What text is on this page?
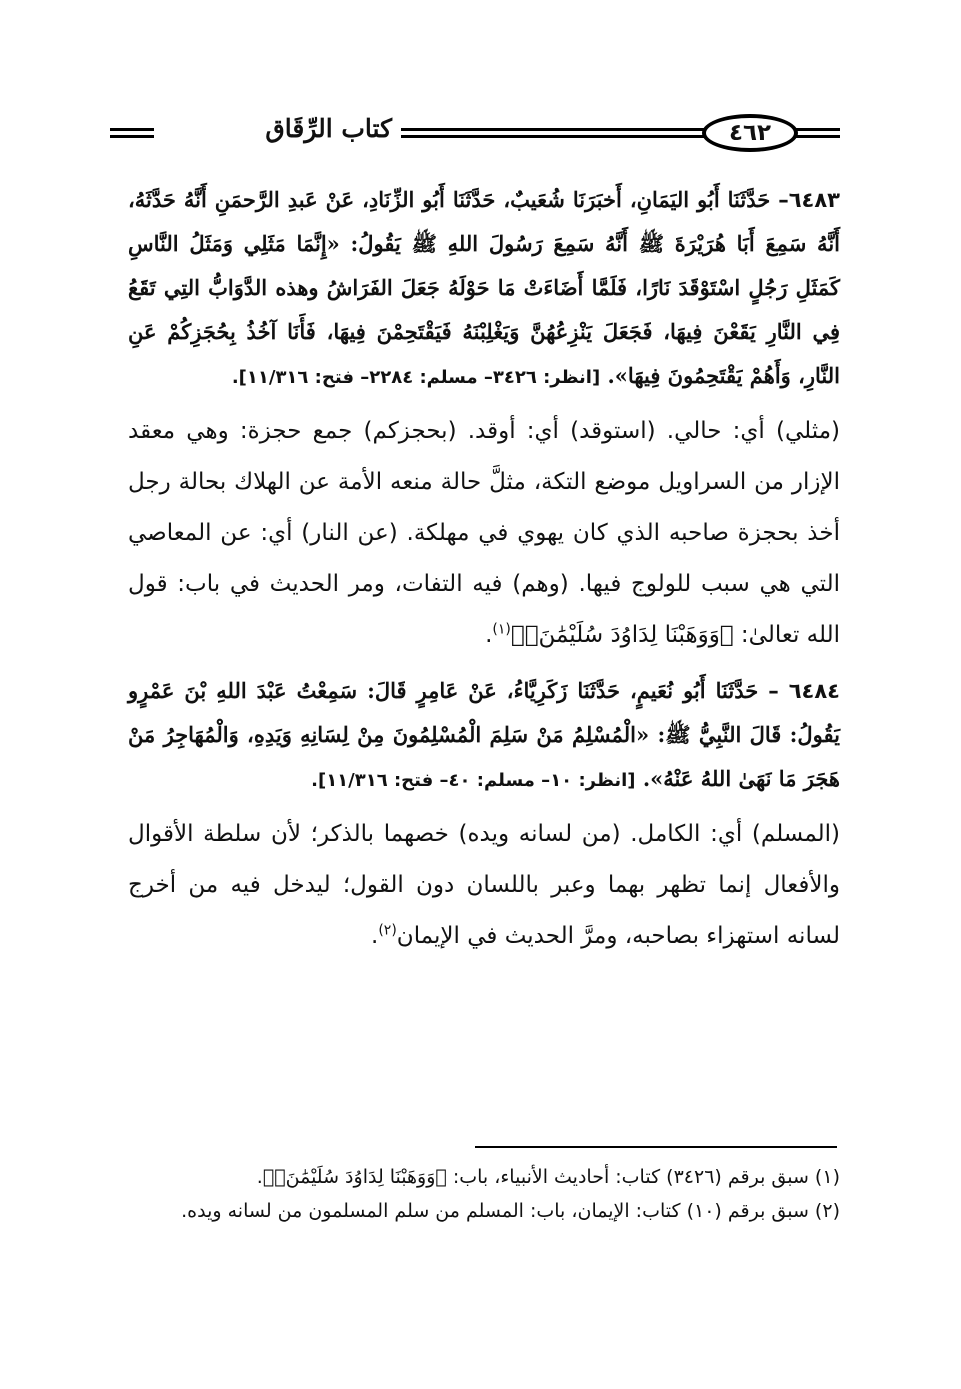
٤٦٢
كتاب الرِّقَاق

٦٤٨٣– حَدَّثَنَا أَبُو اليَمَانِ، أَخبَرَنَا شُعَيبٌ، حَدَّثَنَا أَبُو الزِّنَادِ، عَنْ عَبدِ الرَّحمَنِ أَنَّهُ حَدَّثَهُ، أَنَّهُ سَمِعَ أَبَا هُرَيْرَةَ ﷺ أَنَّهُ سَمِعَ رَسُولَ اللهِ ﷺ يَقُولُ: «إِنَّمَا مَثَلِي وَمَثَلُ النَّاسِ كَمَثَلِ رَجُلٍ اسْتَوْقَدَ نَارًا، فَلَمَّا أَضَاءَتْ مَا حَوْلَهُ جَعَلَ الفَرَاشُ وهذه الدَّوَابُّ التِي تَقَعُ فِي النَّارِ يَقَعْنَ فِيهَا، فَجَعَلَ يَنْزِعُهُنَّ وَيَغْلِبْنَهُ فَيَقْتَحِمْنَ فِيهَا، فَأَنَا آخُذُ بِحُجَزِكُمْ عَنِ النَّارِ، وَأَهُمْ يَقْتَحِمُونَ فِيهَا». [انظر: ٣٤٢٦– مسلم: ٢٢٨٤– فتح: ١١/٣١٦].

(مثلي) أي: حالي. (استوقد) أي: أوقد. (بحجزكم) جمع حجزة: وهي معقد الإزار من السراويل موضع التكة، مثلَّ حالة منعه الأمة عن الهلاك بحالة رجل أخذ بحجزة صاحبه الذي كان يهوي في مهلكة. (عن النار) أي: عن المعاصي التي هي سبب للولوج فيها. (وهم) فيه التفات، ومر الحديث في باب: قول الله تعالىٰ: ﴿وَوَهَبْنَا لِدَاوُدَ سُلَيْمَٰنَۚ﴾$^{(١)}$.

٦٤٨٤ – حَدَّثَنَا أَبُو نُعَيمٍ، حَدَّثَنَا زَكَرِيَّاءُ، عَنْ عَامِرٍ قَالَ: سَمِعْتُ عَبْدَ اللهِ بْنَ عَمْرٍو يَقُولُ: قَالَ النَّبِيُّ ﷺ: «الْمُسْلِمُ مَنْ سَلِمَ الْمُسْلِمُونَ مِنْ لِسَانِهِ وَيَدِهِ، وَالْمُهَاجِرُ مَنْ هَجَرَ مَا نَهَىٰ اللهُ عَنْهُ». [انظر: ١٠– مسلم: ٤٠– فتح: ١١/٣١٦].

(المسلم) أي: الكامل. (من لسانه ويده) خصهما بالذكر؛ لأن سلطة الأقوال والأفعال إنما تظهر بهما وعبر باللسان دون القول؛ ليدخل فيه من أخرج لسانه استهزاء بصاحبه، ومرَّ الحديث في الإيمان$^{(٢)}$.

(١) سبق برقم (٣٤٢٦) كتاب: أحاديث الأنبياء، باب: ﴿وَوَهَبْنَا لِدَاوُدَ سُلَيْمَٰنَۚ﴾.

(٢) سبق برقم (١٠) كتاب: الإيمان، باب: المسلم من سلم المسلمون من لسانه ويده.
